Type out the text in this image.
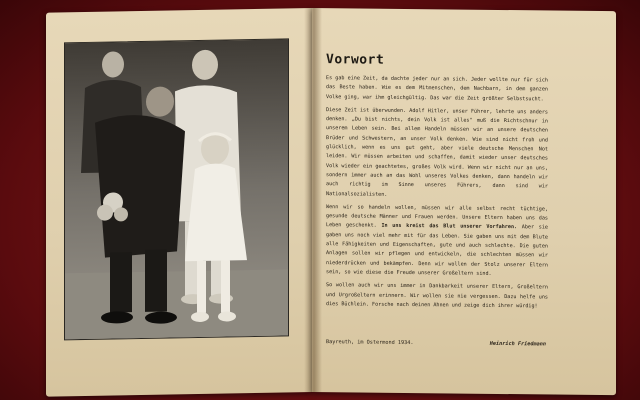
Vorwort

Es gab eine Zeit, da dachte jeder nur an sich. Jeder wollte nur für sich das Beste haben. Wie es dem Mitmenschen, dem Nachbarn, in dem ganzen Volke ging, war ihm gleichgültig. Das war die Zeit größter Selbstsucht.

Diese Zeit ist überwunden. Adolf Hitler, unser Führer, lehrte uns anders denken. „Du bist nichts, dein Volk ist alles" muß die Richtschnur in unserem Leben sein. Bei allem Handeln müssen wir an unsere deutschen Brüder und Schwestern, an unser Volk denken. Wie sind nicht froh und glücklich, wenn es uns gut geht, aber viele deutsche Menschen Not leiden. Wir müssen arbeiten und schaffen, damit wieder unser deutsches Volk wieder ein geachtetes, großes Volk wird. Wenn wir nicht nur an uns, sondern immer auch an das Wohl unseres Volkes denken, dann handeln wir auch richtig im Sinne unseres Führers, dann sind wir Nationalsozialisten.

Wenn wir so handeln wollen, müssen wir alle selbst recht tüchtige, gesunde deutsche Männer und Frauen werden. Unsere Eltern haben uns das Leben geschenkt. In uns kreist das Blut unserer Vorfahren. Aber sie gaben uns noch viel mehr mit für das Leben. Sie gaben uns mit dem Blute alle Fähigkeiten und Eigenschaften, gute und auch schlechte. Die guten Anlagen sollen wir pflegen und entwickeln, die schlechten müssen wir niederdrücken und bekämpfen. Denn wir wollen der Stolz unserer Eltern sein, so wie diese die Freude unserer Großeltern sind.

So wollen auch wir uns immer in Dankbarkeit unserer Eltern, Großeltern und Urgroßeltern erinnern. Wir wollen sie nie vergessen. Dazu helfe uns dies Büchlein. Forsche nach deinen Ahnen und zeige dich ihrer würdig!

Bayreuth, im Ostermond 1934.	Heinrich Friedmann
